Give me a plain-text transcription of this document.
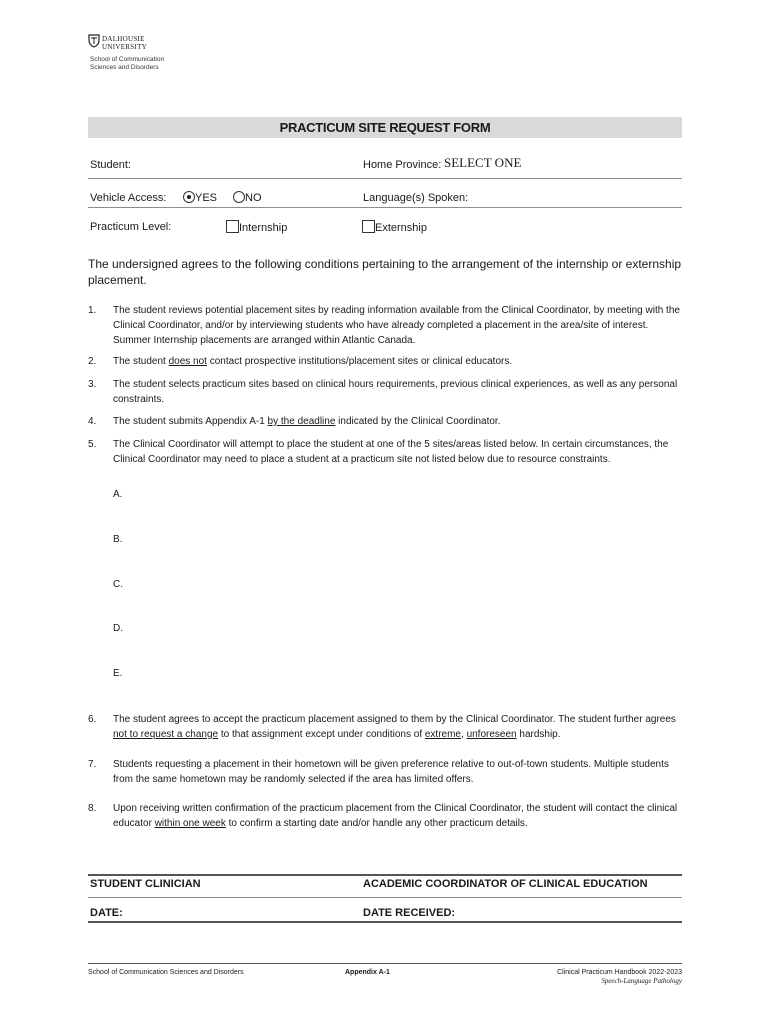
DALHOUSIE
UNIVERSITY
School of Communication
Sciences and Disorders
PRACTICUM SITE REQUEST FORM
Student:	Home Province: SELECT ONE
Vehicle Access:	YES	NO	Language(s) Spoken:
Practicum Level:	Internship	Externship
The undersigned agrees to the following conditions pertaining to the arrangement of the internship or externship placement.
1.	The student reviews potential placement sites by reading information available from the Clinical Coordinator, by meeting with the Clinical Coordinator, and/or by interviewing students who have already completed a placement in the area/site of interest. Summer Internship placements are arranged within Atlantic Canada.
2.	The student does not contact prospective institutions/placement sites or clinical educators.
3.	The student selects practicum sites based on clinical hours requirements, previous clinical experiences, as well as any personal constraints.
4.	The student submits Appendix A-1 by the deadline indicated by the Clinical Coordinator.
5.	The Clinical Coordinator will attempt to place the student at one of the 5 sites/areas listed below. In certain circumstances, the Clinical Coordinator may need to place a student at a practicum site not listed below due to resource constraints.
A.
B.
C.
D.
E.
6.	The student agrees to accept the practicum placement assigned to them by the Clinical Coordinator. The student further agrees not to request a change to that assignment except under conditions of extreme, unforeseen hardship.
7.	Students requesting a placement in their hometown will be given preference relative to out-of-town students. Multiple students from the same hometown may be randomly selected if the area has limited offers.
8.	Upon receiving written confirmation of the practicum placement from the Clinical Coordinator, the student will contact the clinical educator within one week to confirm a starting date and/or handle any other practicum details.
STUDENT CLINICIAN	ACADEMIC COORDINATOR OF CLINICAL EDUCATION
DATE:	DATE RECEIVED:
School of Communication Sciences and Disorders	Appendix A-1	Clinical Practicum Handbook 2022-2023
Speech-Language Pathology
